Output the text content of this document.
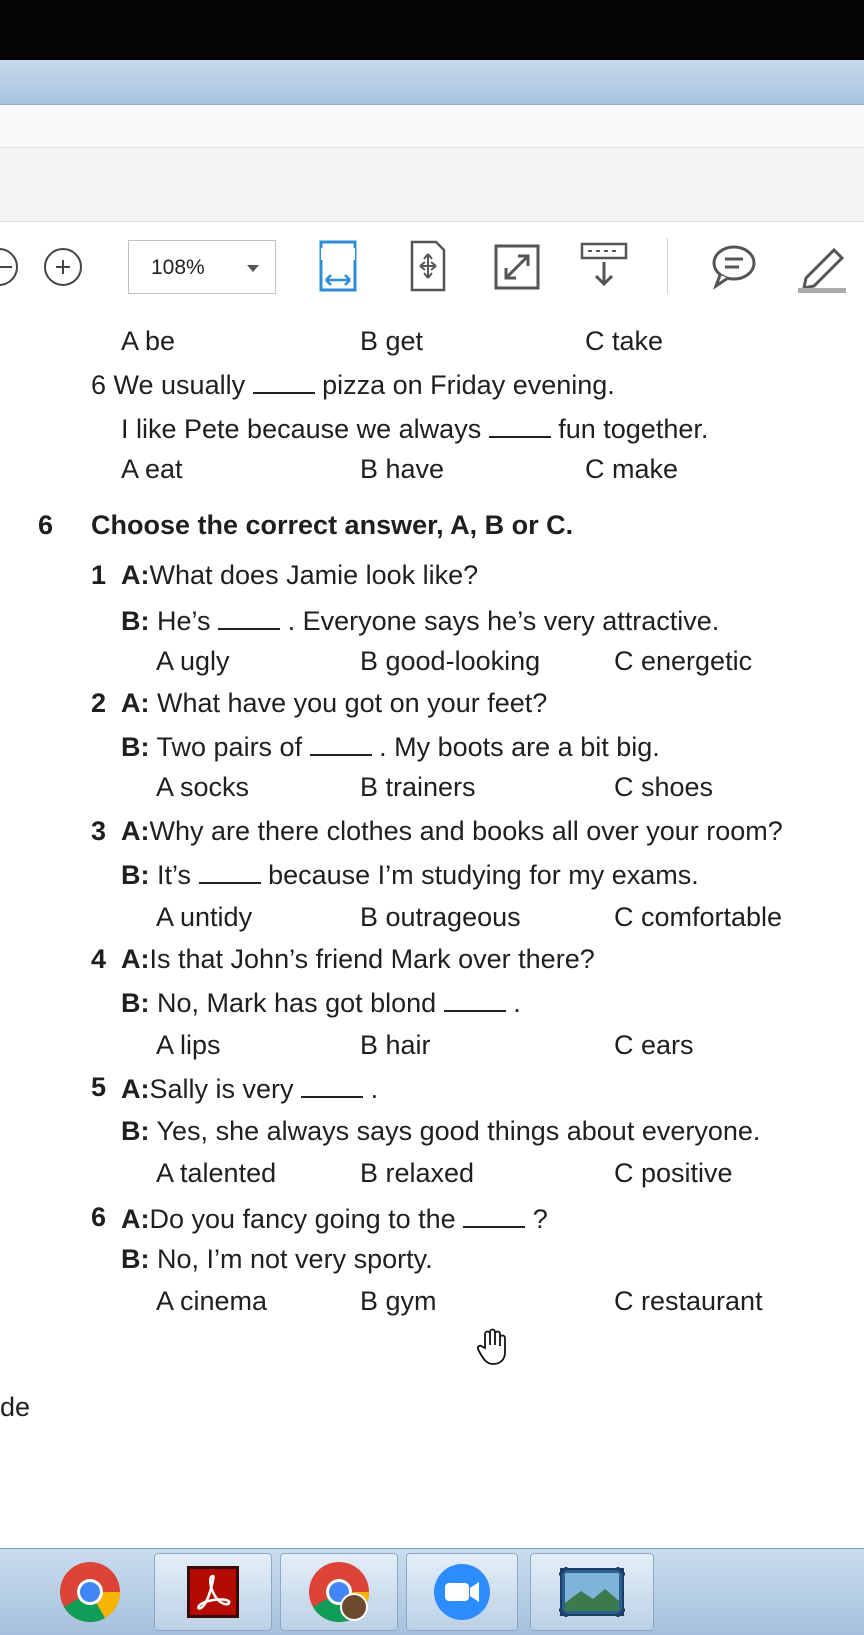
108%
A be	B get	C take
6 We usually	pizza on Friday evening.
I like Pete because we always	fun together.
A eat	B have	C make
6 Choose the correct answer, A, B or C.
1 A:What does Jamie look like?
B: He’s	. Everyone says he’s very attractive.
A ugly	B good-looking	C energetic
2 A: What have you got on your feet?
B: Two pairs of	. My boots are a bit big.
A socks	B trainers	C shoes
3 A:Why are there clothes and books all over your room?
B: It’s	because I’m studying for my exams.
A untidy	B outrageous	C comfortable
4 A:Is that John’s friend Mark over there?
B: No, Mark has got blond	.
A lips	B hair	C ears
5 A:Sally is very	.
B: Yes, she always says good things about everyone.
A talented	B relaxed	C positive
6 A:Do you fancy going to the	?
B: No, I’m not very sporty.
A cinema	B gym	C restaurant
de
